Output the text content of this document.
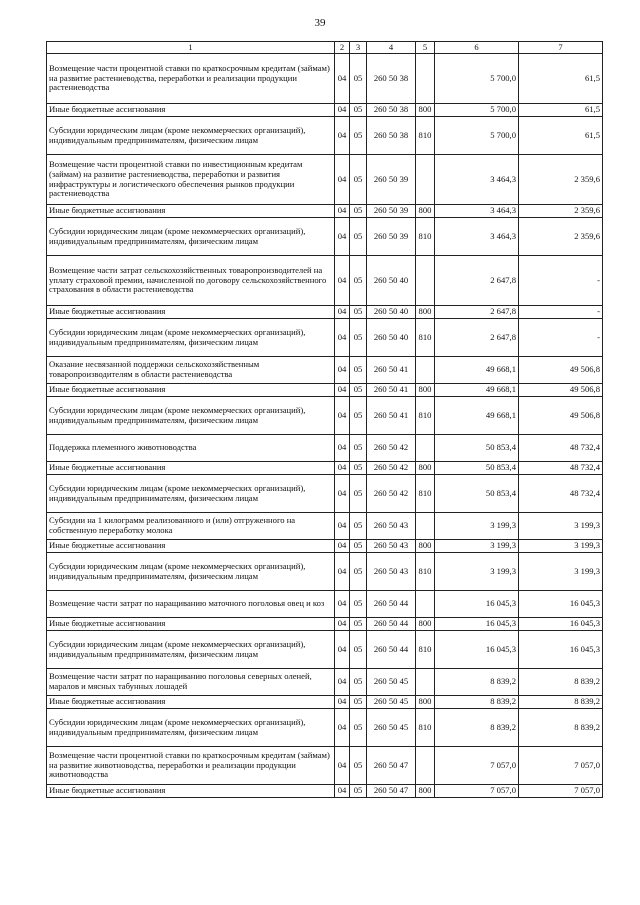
39
1	2	3	4	5	6	7
Возмещение части процентной ставки по краткосрочным кредитам (займам) на развитие растениеводства, переработки и реализации продукции растениеводства	04	05	260 50 38		5 700,0	61,5
Иные бюджетные ассигнования	04	05	260 50 38	800	5 700,0	61,5
Субсидии юридическим лицам (кроме некоммерческих организаций), индивидуальным предпринимателям, физическим лицам	04	05	260 50 38	810	5 700,0	61,5
Возмещение части процентной ставки по инвестиционным кредитам (займам) на развитие растениеводства, переработки и развития инфраструктуры и логистического обеспечения рынков продукции растениеводства	04	05	260 50 39		3 464,3	2 359,6
Иные бюджетные ассигнования	04	05	260 50 39	800	3 464,3	2 359,6
Субсидии юридическим лицам (кроме некоммерческих организаций), индивидуальным предпринимателям, физическим лицам	04	05	260 50 39	810	3 464,3	2 359,6
Возмещение части затрат сельскохозяйственных товаропроизводителей на уплату страховой премии, начисленной по договору сельскохозяйственного страхования в области растениеводства	04	05	260 50 40		2 647,8	-
Иные бюджетные ассигнования	04	05	260 50 40	800	2 647,8	-
Субсидии юридическим лицам (кроме некоммерческих организаций), индивидуальным предпринимателям, физическим лицам	04	05	260 50 40	810	2 647,8	-
Оказание несвязанной поддержки сельскохозяйственным товаропроизводителям в области растениеводства	04	05	260 50 41		49 668,1	49 506,8
Иные бюджетные ассигнования	04	05	260 50 41	800	49 668,1	49 506,8
Субсидии юридическим лицам (кроме некоммерческих организаций), индивидуальным предпринимателям, физическим лицам	04	05	260 50 41	810	49 668,1	49 506,8
Поддержка племенного животноводства	04	05	260 50 42		50 853,4	48 732,4
Иные бюджетные ассигнования	04	05	260 50 42	800	50 853,4	48 732,4
Субсидии юридическим лицам (кроме некоммерческих организаций), индивидуальным предпринимателям, физическим лицам	04	05	260 50 42	810	50 853,4	48 732,4
Субсидии на 1 килограмм реализованного и (или) отгруженного на собственную переработку молока	04	05	260 50 43		3 199,3	3 199,3
Иные бюджетные ассигнования	04	05	260 50 43	800	3 199,3	3 199,3
Субсидии юридическим лицам (кроме некоммерческих организаций), индивидуальным предпринимателям, физическим лицам	04	05	260 50 43	810	3 199,3	3 199,3
Возмещение части затрат по наращиванию маточного поголовья овец и коз	04	05	260 50 44		16 045,3	16 045,3
Иные бюджетные ассигнования	04	05	260 50 44	800	16 045,3	16 045,3
Субсидии юридическим лицам (кроме некоммерческих организаций), индивидуальным предпринимателям, физическим лицам	04	05	260 50 44	810	16 045,3	16 045,3
Возмещение части затрат по наращиванию поголовья северных оленей, маралов и мясных табунных лошадей	04	05	260 50 45		8 839,2	8 839,2
Иные бюджетные ассигнования	04	05	260 50 45	800	8 839,2	8 839,2
Субсидии юридическим лицам (кроме некоммерческих организаций), индивидуальным предпринимателям, физическим лицам	04	05	260 50 45	810	8 839,2	8 839,2
Возмещение части процентной ставки по краткосрочным кредитам (займам) на развитие животноводства, переработки и реализации продукции животноводства	04	05	260 50 47		7 057,0	7 057,0
Иные бюджетные ассигнования	04	05	260 50 47	800	7 057,0	7 057,0
